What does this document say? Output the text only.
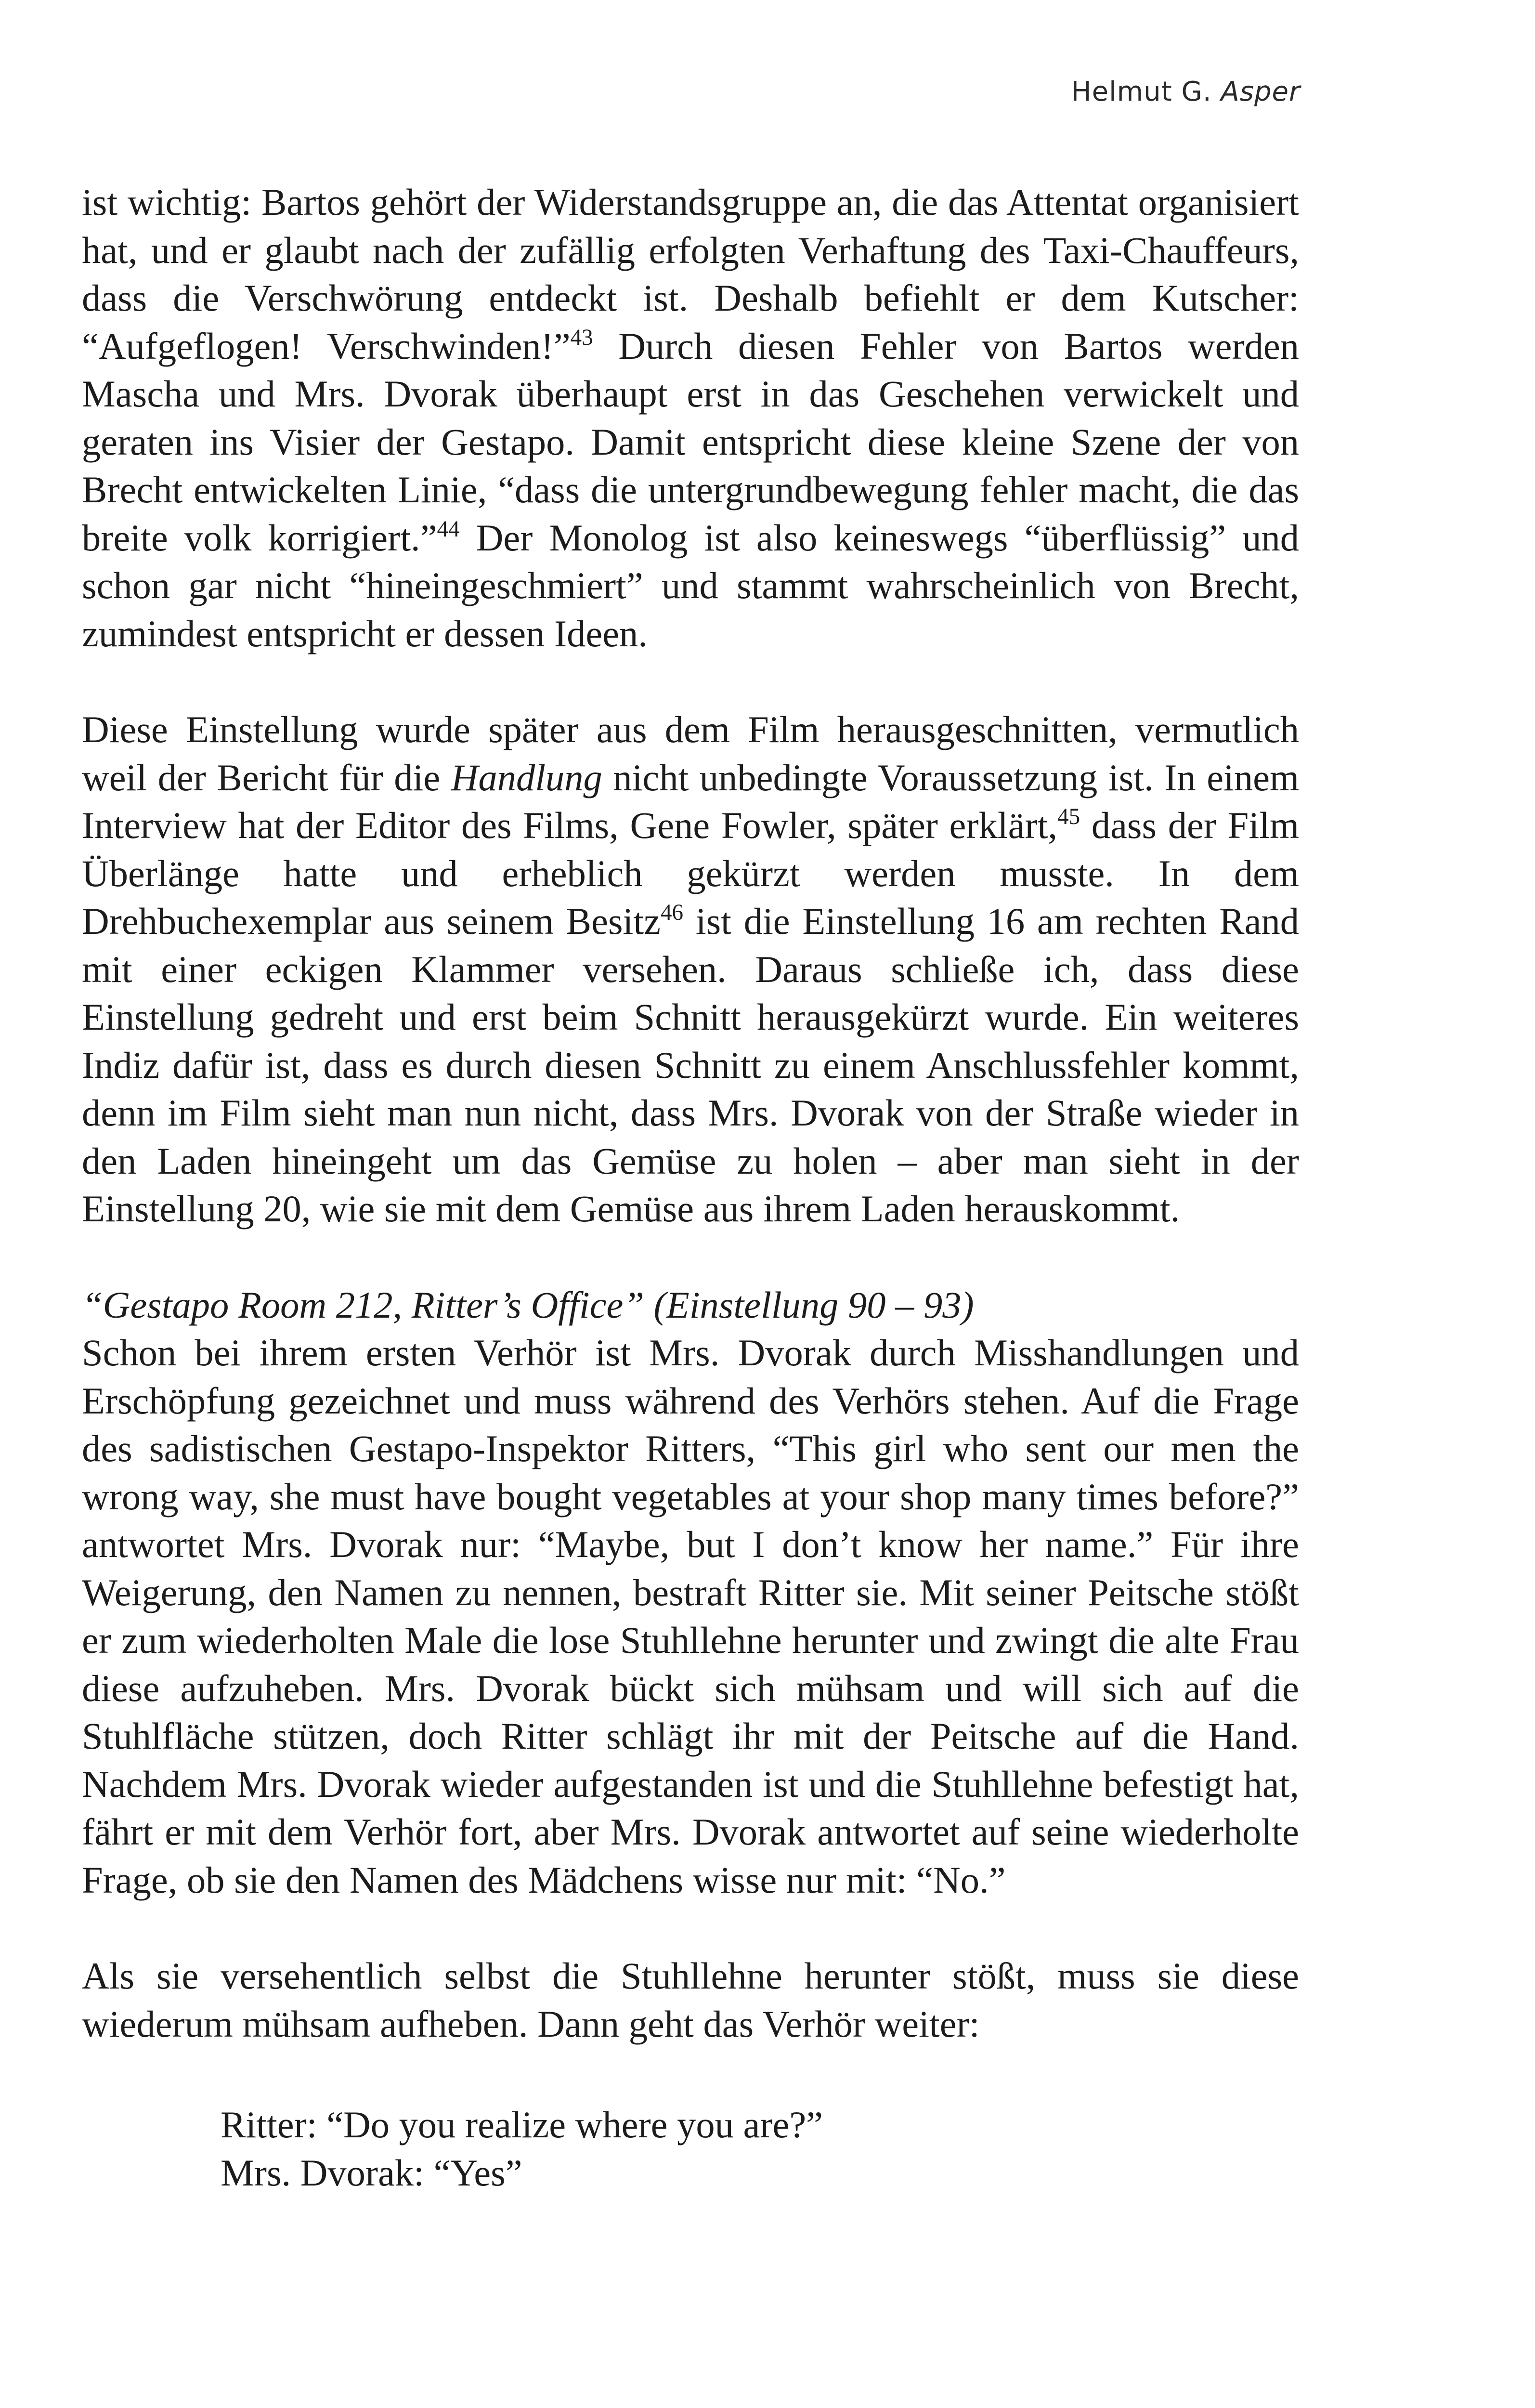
Helmut G. Asper

ist wichtig: Bartos gehört der Widerstandsgruppe an, die das Attentat organisiert hat, und er glaubt nach der zufällig erfolgten Verhaftung des Taxi-Chauffeurs, dass die Verschwörung entdeckt ist. Deshalb befiehlt er dem Kutscher: “Aufgeflogen! Verschwinden!”$^{43}$ Durch diesen Fehler von Bartos werden Mascha und Mrs. Dvorak überhaupt erst in das Geschehen verwickelt und geraten ins Visier der Gestapo. Damit entspricht diese kleine Szene der von Brecht entwickelten Linie, “dass die untergrundbewegung fehler macht, die das breite volk korrigiert.”$^{44}$ Der Monolog ist also keineswegs “überflüssig” und schon gar nicht “hineingeschmiert” und stammt wahrscheinlich von Brecht, zumindest entspricht er dessen Ideen.

Diese Einstellung wurde später aus dem Film herausgeschnitten, vermutlich weil der Bericht für die Handlung nicht unbedingte Voraussetzung ist. In einem Interview hat der Editor des Films, Gene Fowler, später erklärt,$^{45}$ dass der Film Überlänge hatte und erheblich gekürzt werden musste. In dem Drehbuchexemplar aus seinem Besitz$^{46}$ ist die Einstellung 16 am rechten Rand mit einer eckigen Klammer versehen. Daraus schließe ich, dass diese Einstellung gedreht und erst beim Schnitt herausgekürzt wurde. Ein weiteres Indiz dafür ist, dass es durch diesen Schnitt zu einem Anschlussfehler kommt, denn im Film sieht man nun nicht, dass Mrs. Dvorak von der Straße wieder in den Laden hineingeht um das Gemüse zu holen – aber man sieht in der Einstellung 20, wie sie mit dem Gemüse aus ihrem Laden herauskommt.

“Gestapo Room 212, Ritter’s Office” (Einstellung 90 – 93)

Schon bei ihrem ersten Verhör ist Mrs. Dvorak durch Misshandlungen und Erschöpfung gezeichnet und muss während des Verhörs stehen. Auf die Frage des sadistischen Gestapo-Inspektor Ritters, “This girl who sent our men the wrong way, she must have bought vegetables at your shop many times before?” antwortet Mrs. Dvorak nur: “Maybe, but I don’t know her name.” Für ihre Weigerung, den Namen zu nennen, bestraft Ritter sie. Mit seiner Peitsche stößt er zum wiederholten Male die lose Stuhllehne herunter und zwingt die alte Frau diese aufzuheben. Mrs. Dvorak bückt sich mühsam und will sich auf die Stuhlfläche stützen, doch Ritter schlägt ihr mit der Peitsche auf die Hand. Nachdem Mrs. Dvorak wieder aufgestanden ist und die Stuhllehne befestigt hat, fährt er mit dem Verhör fort, aber Mrs. Dvorak antwortet auf seine wiederholte Frage, ob sie den Namen des Mädchens wisse nur mit: “No.”

Als sie versehentlich selbst die Stuhllehne herunter stößt, muss sie diese wiederum mühsam aufheben. Dann geht das Verhör weiter:

Ritter: “Do you realize where you are?”

Mrs. Dvorak: “Yes”
